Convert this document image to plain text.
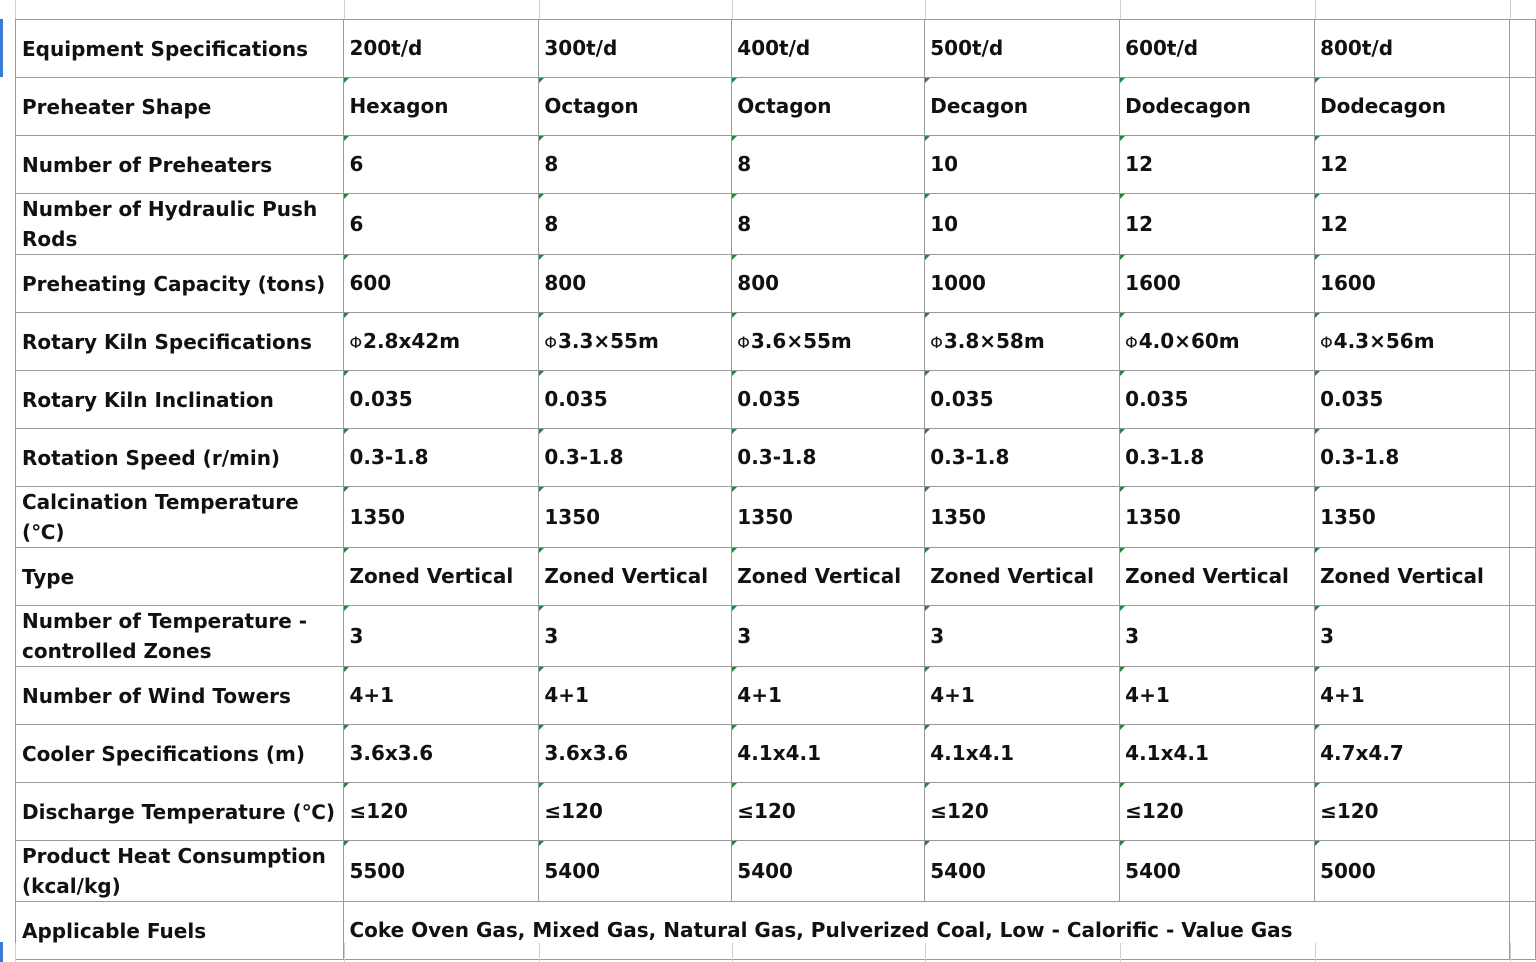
Equipment Specifications	200t/d	300t/d	400t/d	500t/d	600t/d	800t/d	
Preheater Shape	Hexagon	Octagon	Octagon	Decagon	Dodecagon	Dodecagon	
Number of Preheaters	6	8	8	10	12	12	
Number of Hydraulic Push Rods	6	8	8	10	12	12	
Preheating Capacity (tons)	600	800	800	1000	1600	1600	
Rotary Kiln Specifications	Φ2.8x42m	Φ3.3×55m	Φ3.6×55m	Φ3.8×58m	Φ4.0×60m	Φ4.3×56m	
Rotary Kiln Inclination	0.035	0.035	0.035	0.035	0.035	0.035	
Rotation Speed (r/min)	0.3-1.8	0.3-1.8	0.3-1.8	0.3-1.8	0.3-1.8	0.3-1.8	
Calcination Temperature (℃)	1350	1350	1350	1350	1350	1350	
Type	Zoned Vertical	Zoned Vertical	Zoned Vertical	Zoned Vertical	Zoned Vertical	Zoned Vertical	
Number of Temperature - controlled Zones	3	3	3	3	3	3	
Number of Wind Towers	4+1	4+1	4+1	4+1	4+1	4+1	
Cooler Specifications (m)	3.6x3.6	3.6x3.6	4.1x4.1	4.1x4.1	4.1x4.1	4.7x4.7	
Discharge Temperature (℃)	≤120	≤120	≤120	≤120	≤120	≤120	
Product Heat Consumption (kcal/kg)	5500	5400	5400	5400	5400	5000	
Applicable Fuels	Coke Oven Gas, Mixed Gas, Natural Gas, Pulverized Coal, Low - Calorific - Value Gas						
